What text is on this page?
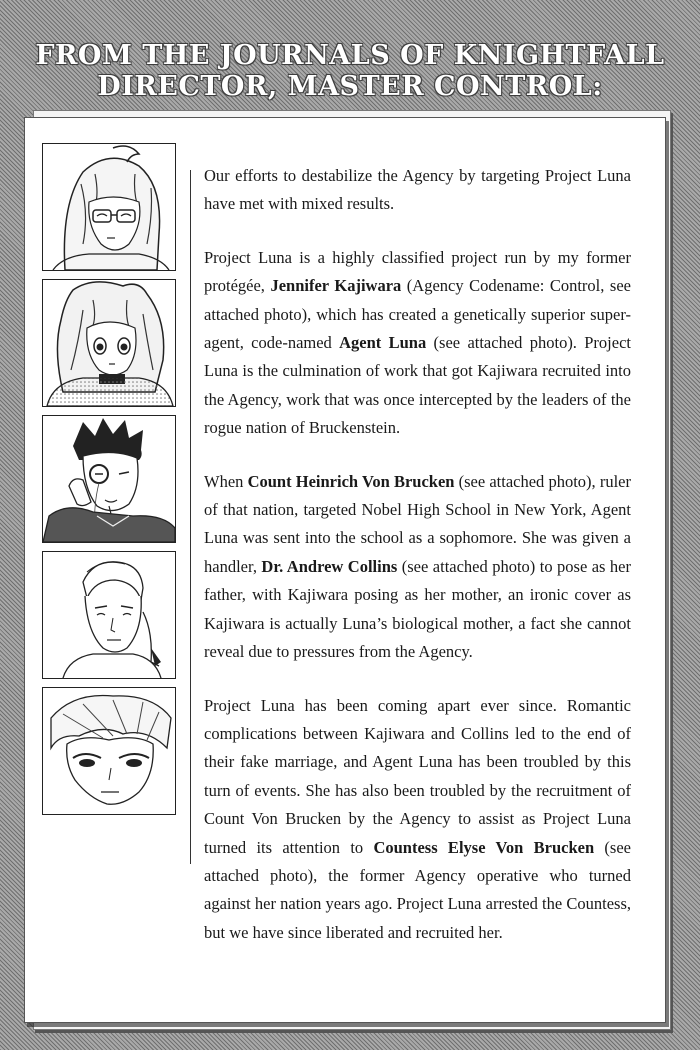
FROM THE JOURNALS OF KNIGHTFALL
DIRECTOR, MASTER CONTROL:

Our efforts to destabilize the Agency by targeting Project Luna have met with mixed results.

Project Luna is a highly classified project run by my former protégée, Jennifer Kajiwara (Agency Codename: Control, see attached photo), which has created a genetically superior super-agent, code-named Agent Luna (see attached photo). Project Luna is the culmination of work that got Kajiwara recruited into the Agency, work that was once intercepted by the leaders of the rogue nation of Bruckenstein.

When Count Heinrich Von Brucken (see attached photo), ruler of that nation, targeted Nobel High School in New York, Agent Luna was sent into the school as a sophomore. She was given a handler, Dr. Andrew Collins (see attached photo) to pose as her father, with Kajiwara posing as her mother, an ironic cover as Kajiwara is actually Luna’s biological mother, a fact she cannot reveal due to pressures from the Agency.

Project Luna has been coming apart ever since. Romantic complications between Kajiwara and Collins led to the end of their fake marriage, and Agent Luna has been troubled by this turn of events. She has also been troubled by the recruitment of Count Von Brucken by the Agency to assist as Project Luna turned its attention to Countess Elyse Von Brucken (see attached photo), the former Agency operative who turned against her nation years ago. Project Luna arrested the Countess, but we have since liberated and recruited her.
